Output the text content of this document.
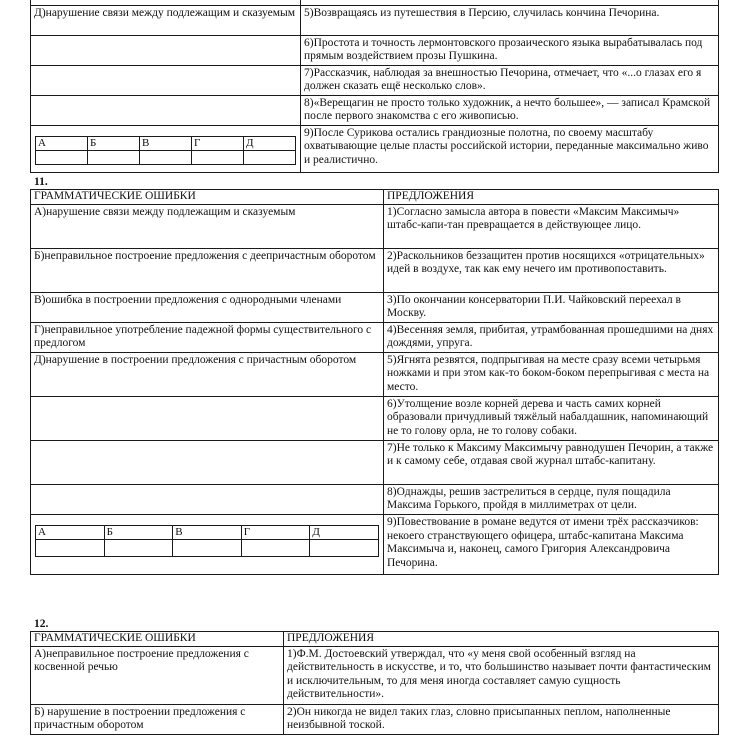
Д)нарушение связи между подлежащим и сказуемым	5)Возвращаясь из путешествия в Персию, случилась кончина Печорина.
	6)Простота и точность лермонтовского прозаического языка вырабатывалась под прямым воздействием прозы Пушкина.
	7)Рассказчик, наблюдая за внешностью Печорина, отмечает, что «...о глазах его я должен сказать ещё несколько слов».
	8)«Верещагин не просто только художник, а нечто большее», — записал Крамской после первого знакомства с его живописью.

А	Б	В	Г	Д

	9)После Сурикова остались грандиозные полотна, по своему масштабу охватывающие целые пласты российской истории, переданные максимально живо и реалистично.
11.
ГРАММАТИЧЕСКИЕ ОШИБКИ	ПРЕДЛОЖЕНИЯ
А)нарушение связи между подлежащим и сказуемым	1)Согласно замысла автора в повести «Максим Максимыч» штабс-капи-тан превращается в действующее лицо.
Б)неправильное построение предложения с деепричастным оборотом	2)Раскольников беззащитен против носящихся «отрицательных» идей в воздухе, так как ему нечего им противопоставить.
В)ошибка в построении предложения с однородными членами	3)По окончании консерватории П.И. Чайковский переехал в Москву.
Г)неправильное употребление падежной формы существительного с предлогом	4)Весенняя земля, прибитая, утрамбованная прошедшими на днях дождями, упруга.
Д)нарушение в построении предложения с причастным оборотом	5)Ягнята резвятся, подпрыгивая на месте сразу всеми четырьмя ножками и при этом как-то боком-боком перепрыгивая с места на место.
	6)Утолщение возле корней дерева и часть самих корней образовали причудливый тяжёлый набалдашник, напоминающий не то голову орла, не то голову собаки.
	7)Не только к Максиму Максимычу равнодушен Печорин, а также и к самому себе, отдавая свой журнал штабс-капитану.
	8)Однажды, решив застрелиться в сердце, пуля пощадила Максима Горького, пройдя в миллиметрах от цели.

А	Б	В	Г	Д

	9)Повествование в романе ведутся от имени трёх рассказчиков: некоего странствующего офицера, штабс-капитана Максима Максимыча и, наконец, самого Григория Александровича Печорина.
12.
ГРАММАТИЧЕСКИЕ ОШИБКИ	ПРЕДЛОЖЕНИЯ
А)неправильное построение предложения с косвенной речью	1)Ф.М. Достоевский утверждал, что «у меня свой особенный взгляд на действительность в искусстве, и то, что большинство называет почти фантастическим и исключительным, то для меня иногда составляет самую сущность действительности».
Б) нарушение в построении предложения с причастным оборотом	2)Он никогда не видел таких глаз, словно присыпанных пеплом, наполненные неизбывной тоской.
